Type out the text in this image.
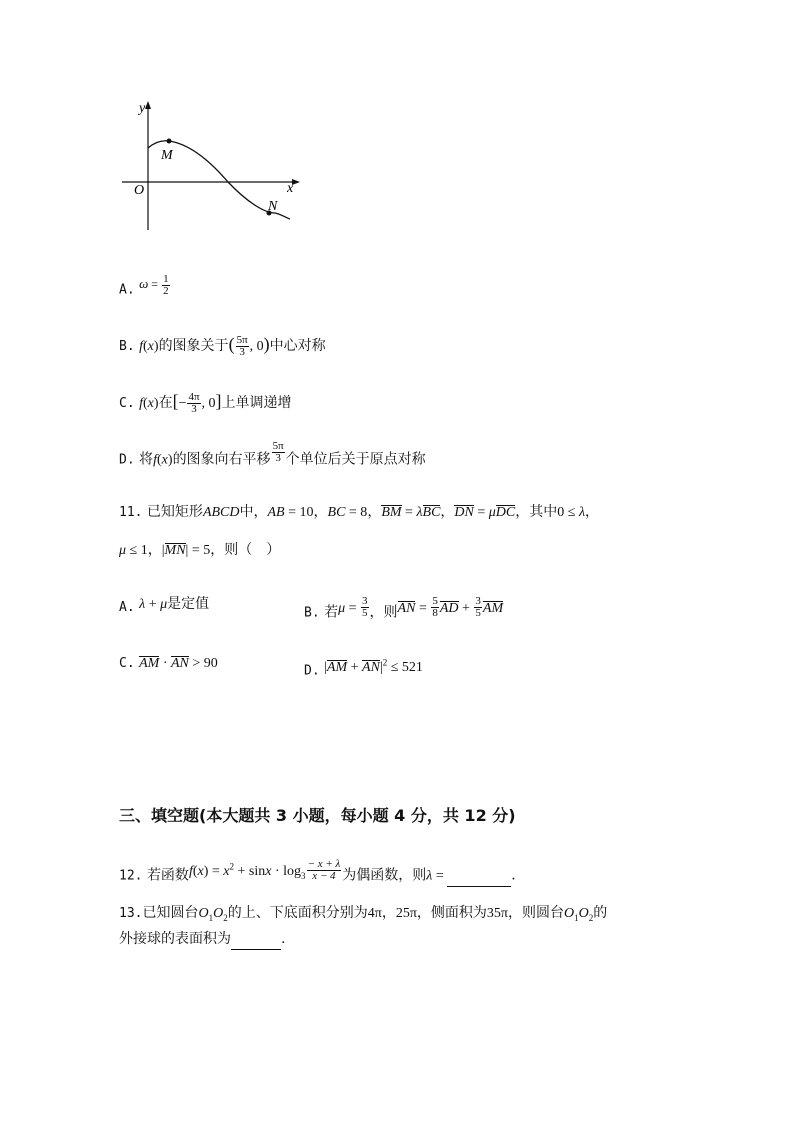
y
x
O
M
N
A. $\omega = \frac{1}{2}$
B. f(x)的图象关于( $\frac{5\pi}{3}$ , 0)中心对称
C. f(x)在[− $\frac{4\pi}{3}$ , 0]上单调递增
D. 将f(x)的图象向右平移 $\frac{5\pi}{3}$ 个单位后关于原点对称
11. 已知矩形ABCD中，AB = 10，BC = 8，BM = λBC，DN = μDC，其中0 ≤ λ，
μ ≤ 1，|MN| = 5，则（　）
A. λ + μ是定值
B. 若$\mu = \frac{3}{5}$ ，则AN = $\frac{5}{8}$ AD + $\frac{3}{5}$ AM
C. AM · AN > 90
D. $|AM + AN|^2 \le 521$
三、填空题(本大题共 3 小题，每小题 4 分，共 12 分)
12. 若函数$f(x) = x^2 + \sin x \cdot \log_3 \frac{- x + \lambda}{x - 4}$ 为偶函数，则λ =	.
13.已知圆台$O_1O_2$的上、下底面积分别为4π，25π，侧面积为35π，则圆台$O_1O_2$的
外接球的表面积为	.
